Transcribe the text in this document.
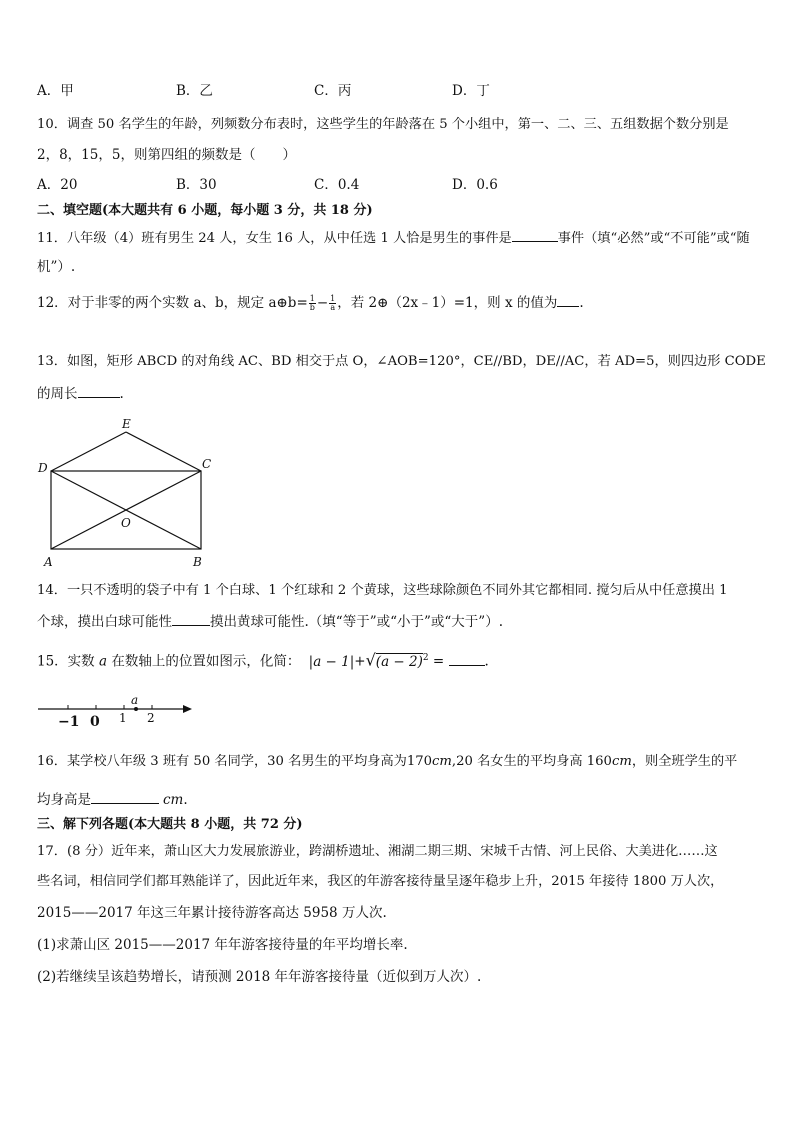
A．甲	B．乙	C．丙	D．丁
10．调查 50 名学生的年龄，列频数分布表时，这些学生的年龄落在 5 个小组中，第一、二、三、五组数据个数分别是
2，8，15，5，则第四组的频数是（　　）
A．20	B．30	C．0.4	D．0.6
二、填空题(本大题共有 6 小题，每小题 3 分，共 18 分)
11．八年级（4）班有男生 24 人，女生 16 人，从中任选 1 人恰是男生的事件是	事件（填“必然”或“不可能”或“随
机”）.
12．对于非零的两个实数 a、b，规定 a⊕b= $\frac{1}{b} - \frac{1}{a}$ ，若 2⊕（2x﹣1）=1，则 x 的值为 .
13．如图，矩形 ABCD 的对角线 AC、BD 相交于点 O，∠AOB=120°，CE//BD，DE//AC，若 AD=5，则四边形 CODE
的周长	.
E
D	C
O
A	B
14．一只不透明的袋子中有 1 个白球、1 个红球和 2 个黄球，这些球除颜色不同外其它都相同. 搅匀后从中任意摸出 1
个球，摸出白球可能性	摸出黄球可能性.（填“等于”或“小于”或“大于”）.
15．实数 a 在数轴上的位置如图示，化简： $|a - 1|+√(a - 2)^2$ =	.
a
−1 0 1 2
16．某学校八年级 3 班有 50 名同学，30 名男生的平均身高为170cm,20 名女生的平均身高 160cm，则全班学生的平
均身高是	cm.
三、解下列各题(本大题共 8 小题，共 72 分)
17．(8 分）近年来，萧山区大力发展旅游业，跨湖桥遗址、湘湖二期三期、宋城千古情、河上民俗、大美进化……这
些名词，相信同学们都耳熟能详了，因此近年来，我区的年游客接待量呈逐年稳步上升，2015 年接待 1800 万人次，
2015——2017 年这三年累计接待游客高达 5958 万人次.
(1)求萧山区 2015——2017 年年游客接待量的年平均增长率.
(2)若继续呈该趋势增长，请预测 2018 年年游客接待量（近似到万人次）.
